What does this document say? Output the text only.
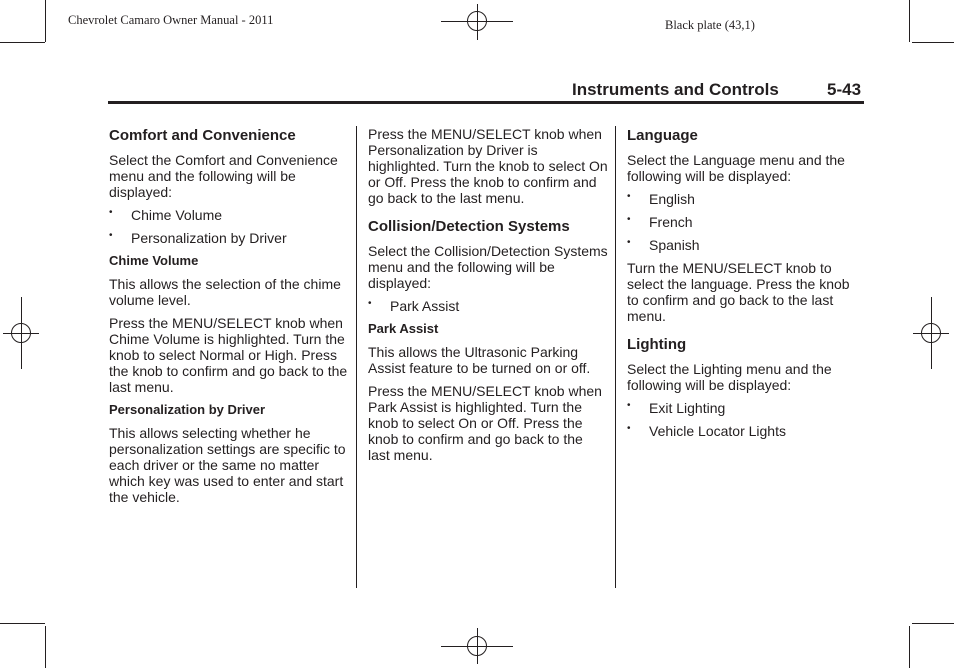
Chevrolet Camaro Owner Manual - 2011	Black plate (43,1)
Instruments and Controls	5-43
Comfort and Convenience

Select the Comfort and Convenience menu and the following will be displayed:

• Chime Volume
• Personalization by Driver
Chime Volume

This allows the selection of the chime volume level.

Press the MENU/SELECT knob when Chime Volume is highlighted. Turn the knob to select Normal or High. Press the knob to confirm and go back to the last menu.

Personalization by Driver

This allows selecting whether he personalization settings are specific to each driver or the same no matter which key was used to enter and start the vehicle.

Press the MENU/SELECT knob when Personalization by Driver is highlighted. Turn the knob to select On or Off. Press the knob to confirm and go back to the last menu.

Collision/Detection Systems

Select the Collision/Detection Systems menu and the following will be displayed:

• Park Assist
Park Assist

This allows the Ultrasonic Parking Assist feature to be turned on or off.

Press the MENU/SELECT knob when Park Assist is highlighted. Turn the knob to select On or Off. Press the knob to confirm and go back to the last menu.

Language

Select the Language menu and the following will be displayed:

• English
• French
• Spanish

Turn the MENU/SELECT knob to select the language. Press the knob to confirm and go back to the last menu.

Lighting

Select the Lighting menu and the following will be displayed:

• Exit Lighting
• Vehicle Locator Lights
